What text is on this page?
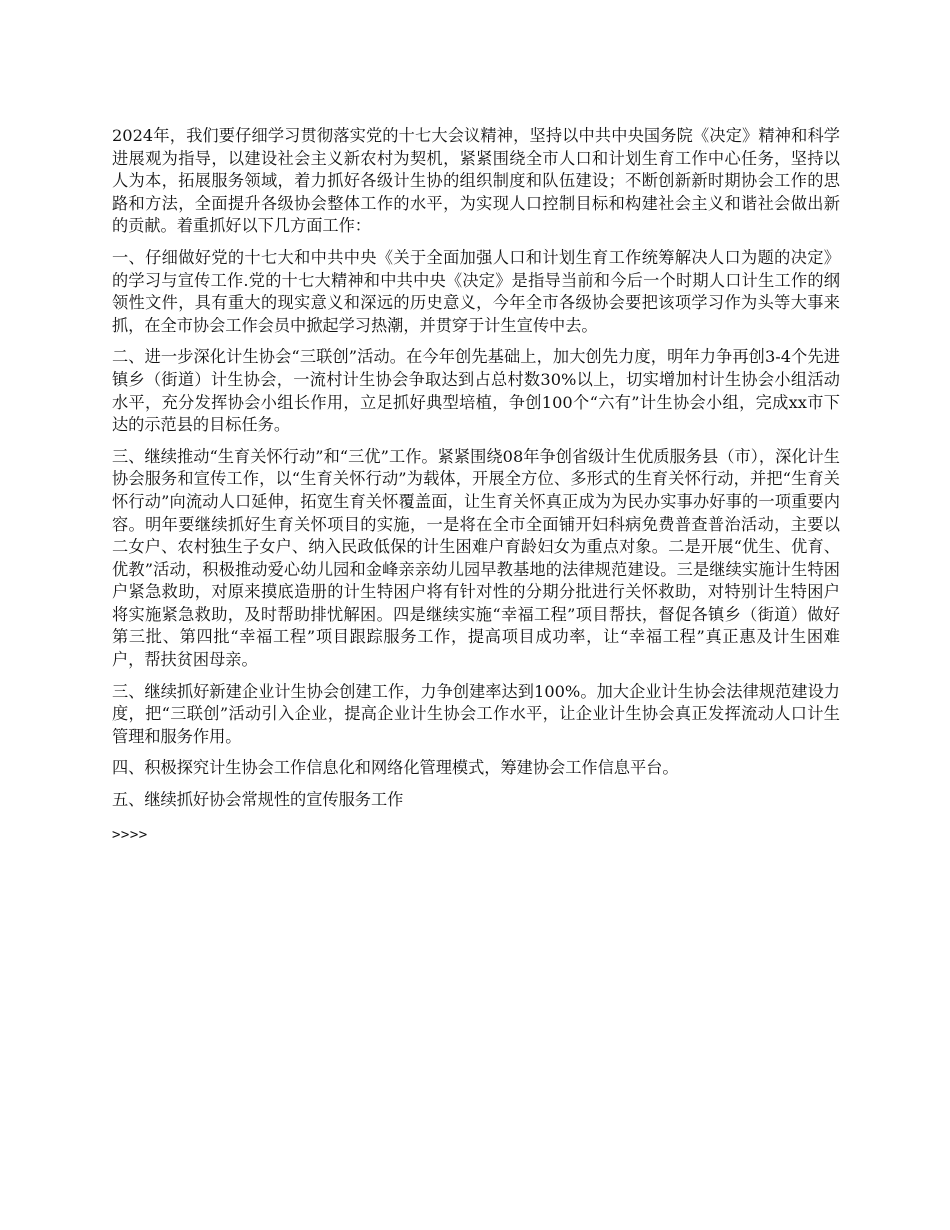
2024年，我们要仔细学习贯彻落实党的十七大会议精神，坚持以中共中央国务院《决定》精神和科学进展观为指导，以建设社会主义新农村为契机，紧紧围绕全市人口和计划生育工作中心任务，坚持以人为本，拓展服务领域，着力抓好各级计生协的组织制度和队伍建设；不断创新新时期协会工作的思路和方法，全面提升各级协会整体工作的水平，为实现人口控制目标和构建社会主义和谐社会做出新的贡献。着重抓好以下几方面工作：

一、仔细做好党的十七大和中共中央《关于全面加强人口和计划生育工作统筹解决人口为题的决定》的学习与宣传工作.党的十七大精神和中共中央《决定》是指导当前和今后一个时期人口计生工作的纲领性文件，具有重大的现实意义和深远的历史意义，今年全市各级协会要把该项学习作为头等大事来抓，在全市协会工作会员中掀起学习热潮，并贯穿于计生宣传中去。

二、进一步深化计生协会“三联创”活动。在今年创先基础上，加大创先力度，明年力争再创3-4个先进镇乡（街道）计生协会，一流村计生协会争取达到占总村数30%以上，切实增加村计生协会小组活动水平，充分发挥协会小组长作用，立足抓好典型培植，争创100个“六有”计生协会小组，完成xx市下达的示范县的目标任务。

三、继续推动“生育关怀行动”和“三优”工作。紧紧围绕08年争创省级计生优质服务县（市），深化计生协会服务和宣传工作，以“生育关怀行动”为载体，开展全方位、多形式的生育关怀行动，并把“生育关怀行动”向流动人口延伸，拓宽生育关怀覆盖面，让生育关怀真正成为为民办实事办好事的一项重要内容。明年要继续抓好生育关怀项目的实施，一是将在全市全面铺开妇科病免费普查普治活动，主要以二女户、农村独生子女户、纳入民政低保的计生困难户育龄妇女为重点对象。二是开展“优生、优育、优教”活动，积极推动爱心幼儿园和金峰亲亲幼儿园早教基地的法律规范建设。三是继续实施计生特困户紧急救助，对原来摸底造册的计生特困户将有针对性的分期分批进行关怀救助，对特别计生特困户将实施紧急救助，及时帮助排忧解困。四是继续实施“幸福工程”项目帮扶，督促各镇乡（街道）做好第三批、第四批“幸福工程”项目跟踪服务工作，提高项目成功率，让“幸福工程”真正惠及计生困难户，帮扶贫困母亲。

三、继续抓好新建企业计生协会创建工作，力争创建率达到100%。加大企业计生协会法律规范建设力度，把“三联创”活动引入企业，提高企业计生协会工作水平，让企业计生协会真正发挥流动人口计生管理和服务作用。

四、积极探究计生协会工作信息化和网络化管理模式，筹建协会工作信息平台。

五、继续抓好协会常规性的宣传服务工作

>>>>
